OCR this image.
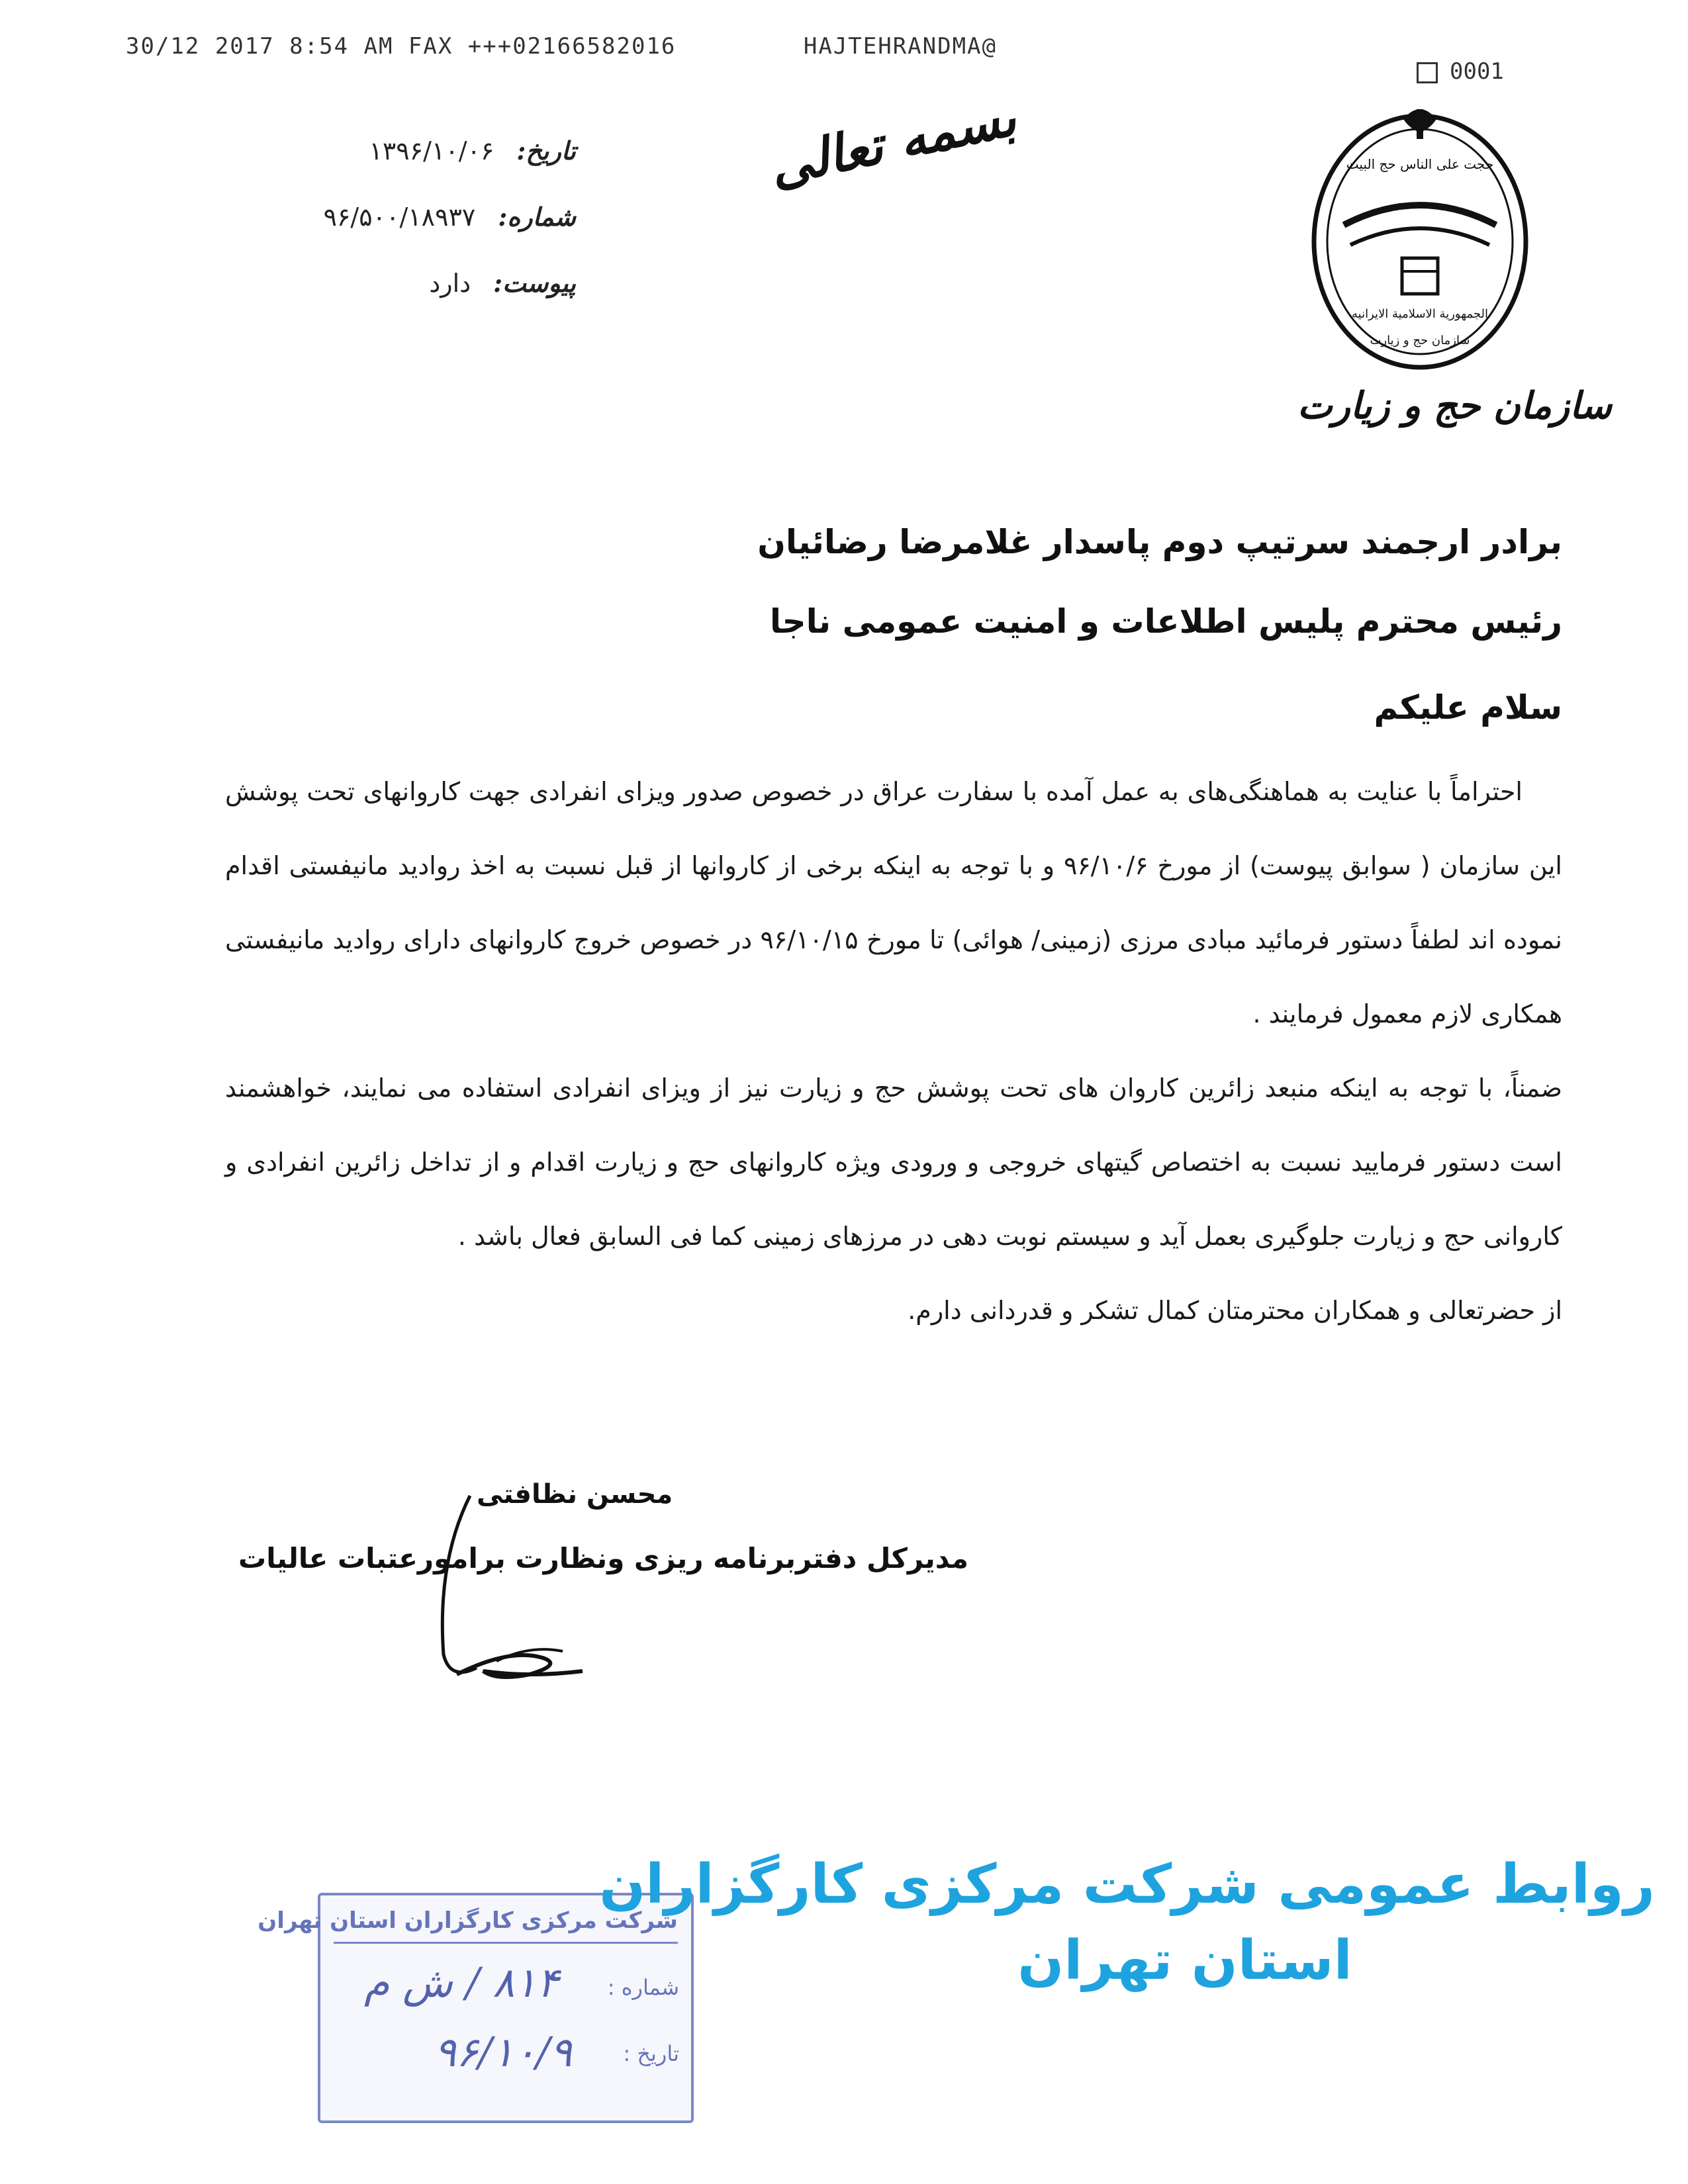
30/12 2017 8:54 AM FAX +++02166582016	HAJTEHRANDMA@
0001
بسمه تعالی
تاریخ:۱۳۹۶/۱۰/۰۶
شماره:۹۶/۵۰۰/۱۸۹۳۷
پیوست:دارد
حجت علی الناس حج البیت
الجمهورية الاسلامية الایرانیه
سازمان حج و زیارت
سازمان حج و زیارت
برادر ارجمند سرتیپ دوم پاسدار غلامرضا رضائیان
رئیس محترم پلیس اطلاعات و امنیت عمومی ناجا
سلام علیکم

احتراماً با عنایت به هماهنگی‌های به عمل آمده با سفارت عراق در خصوص صدور ویزای انفرادی جهت کاروانهای تحت پوشش این سازمان ( سوابق پیوست) از مورخ ۹۶/۱۰/۶ و با توجه به اینکه برخی از کاروانها از قبل نسبت به اخذ روادید مانیفستی اقدام نموده اند لطفاً دستور فرمائید مبادی مرزی (زمینی/ هوائی) تا مورخ ۹۶/۱۰/۱۵ در خصوص خروج کاروانهای دارای روادید مانیفستی همکاری لازم معمول فرمایند .

ضمناً، با توجه به اینکه منبعد زائرین کاروان های تحت پوشش حج و زیارت نیز از ویزای انفرادی استفاده می نمایند، خواهشمند است دستور فرمایید نسبت به اختصاص گیتهای خروجی و ورودی ویژه کاروانهای حج و زیارت اقدام و از تداخل زائرین انفرادی و کاروانی حج و زیارت جلوگیری بعمل آید و سیستم نوبت دهی در مرزهای زمینی کما فی السابق فعال باشد .

از حضرتعالی و همکاران محترمتان کمال تشکر و قدردانی دارم.

محسن نظافتی
مدیرکل دفتربرنامه ریزی ونظارت برامورعتبات عالیات
شرکت مرکزی کارگزاران استان تهران
شماره :
۸۱۴ / ش م
تاریخ :
۹۶/۱۰/۹
روابط عمومی شرکت مرکزی کارگزاران
استان تهران
